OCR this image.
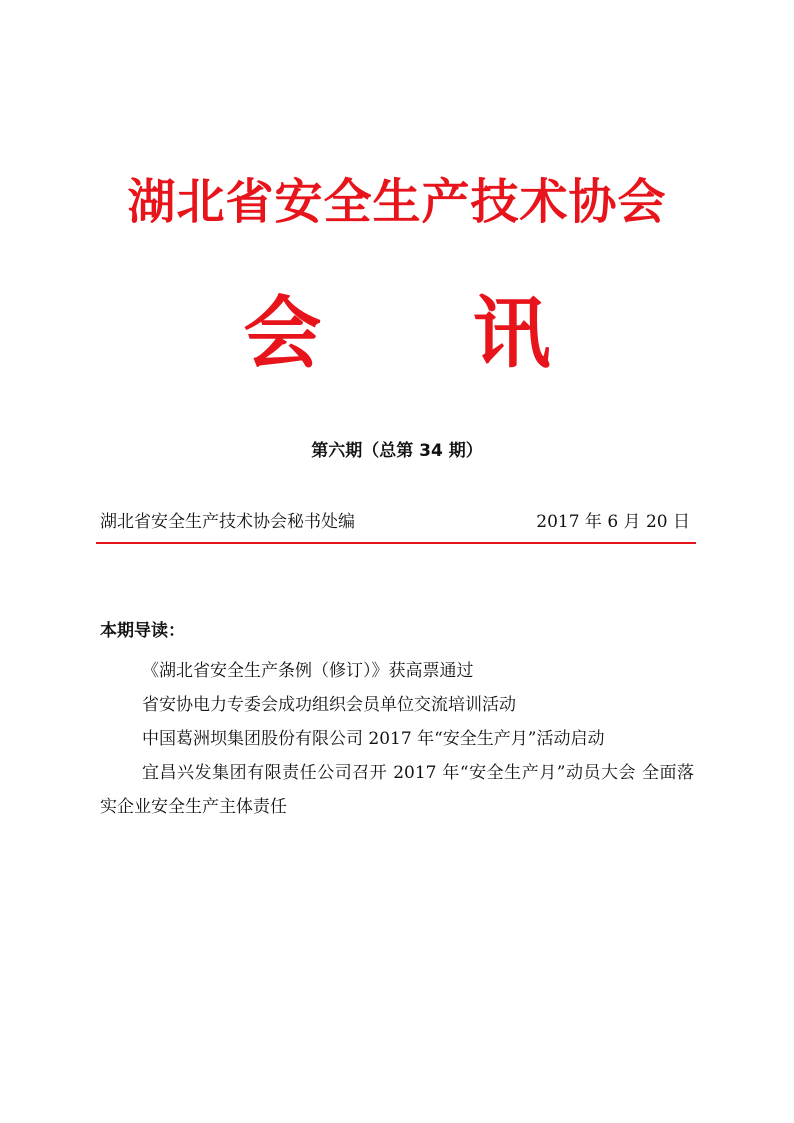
湖北省安全生产技术协会
会 讯
第六期（总第 34 期）
湖北省安全生产技术协会秘书处编	2017 年 6 月 20 日
本期导读：
《湖北省安全生产条例（修订）》获高票通过
省安协电力专委会成功组织会员单位交流培训活动
中国葛洲坝集团股份有限公司 2017 年“安全生产月”活动启动
宜昌兴发集团有限责任公司召开 2017 年“安全生产月”动员大会 全面落实企业安全生产主体责任
